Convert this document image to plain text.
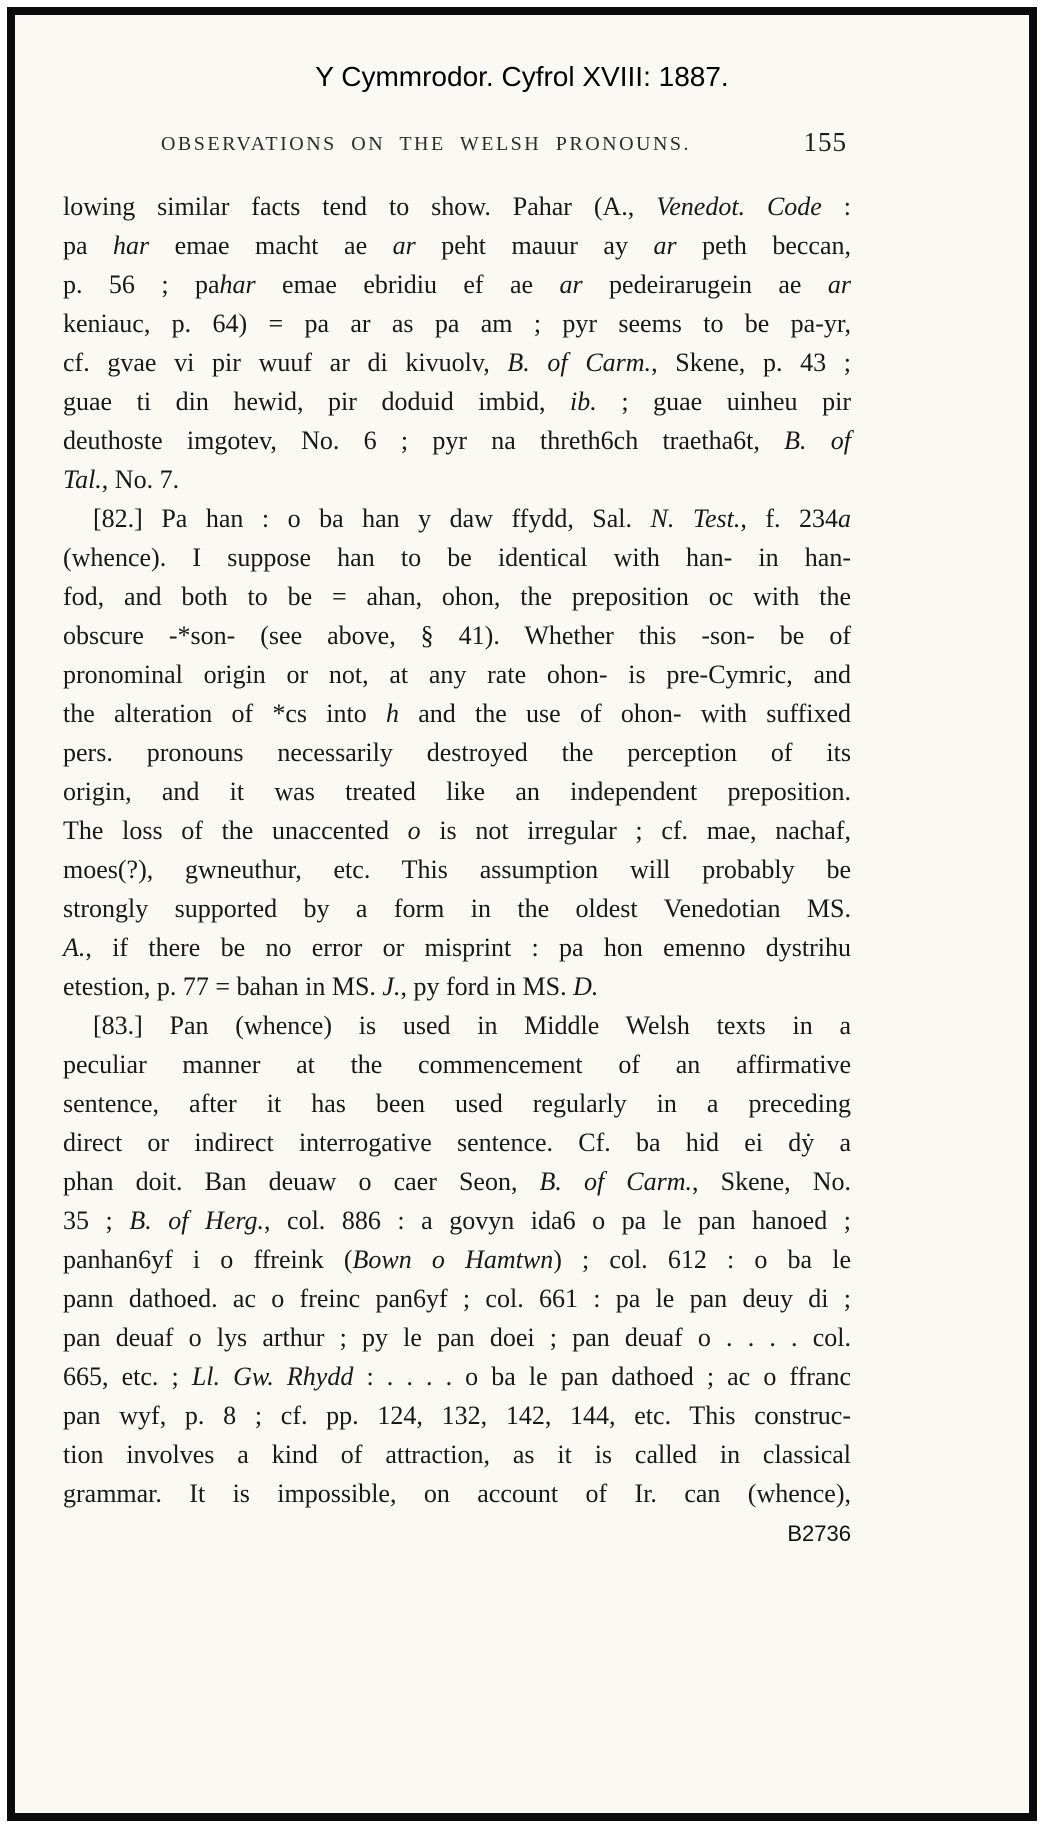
Y Cymmrodor. Cyfrol XVIII: 1887.
OBSERVATIONS ON THE WELSH PRONOUNS.	155
lowing similar facts tend to show. Pahar (A., Venedot. Code :
pa har emae macht ae ar peht mauur ay ar peth beccan,
p. 56 ; pahar emae ebridiu ef ae ar pedeirarugein ae ar
keniauc, p. 64) = pa ar as pa am ; pyr seems to be pa-yr,
cf. gvae vi pir wuuf ar di kivuolv, B. of Carm., Skene, p. 43 ;
guae ti din hewid, pir doduid imbid, ib. ; guae uinheu pir
deuthoste imgotev, No. 6 ; pyr na threth6ch traetha6t, B. of
Tal., No. 7.
[82.] Pa han : o ba han y daw ffydd, Sal. N. Test., f. 234a
(whence). I suppose han to be identical with han- in han-
fod, and both to be = ahan, ohon, the preposition oc with the
obscure -*son- (see above, § 41). Whether this -son- be of
pronominal origin or not, at any rate ohon- is pre-Cymric, and
the alteration of *cs into h and the use of ohon- with suffixed
pers. pronouns necessarily destroyed the perception of its
origin, and it was treated like an independent preposition.
The loss of the unaccented o is not irregular ; cf. mae, nachaf,
moes(?), gwneuthur, etc. This assumption will probably be
strongly supported by a form in the oldest Venedotian MS.
A., if there be no error or misprint : pa hon emenno dystrihu
etestion, p. 77 = bahan in MS. J., py ford in MS. D.
[83.] Pan (whence) is used in Middle Welsh texts in a
peculiar manner at the commencement of an affirmative
sentence, after it has been used regularly in a preceding
direct or indirect interrogative sentence. Cf. ba hid ei dẏ a
phan doit. Ban deuaw o caer Seon, B. of Carm., Skene, No.
35 ; B. of Herg., col. 886 : a govyn ida6 o pa le pan hanoed ;
panhan6yf i o ffreink (Bown o Hamtwn) ; col. 612 : o ba le
pann dathoed. ac o freinc pan6yf ; col. 661 : pa le pan deuy di ;
pan deuaf o lys arthur ; py le pan doei ; pan deuaf o . . . . col.
665, etc. ; Ll. Gw. Rhydd : . . . . o ba le pan dathoed ; ac o ffranc
pan wyf, p. 8 ; cf. pp. 124, 132, 142, 144, etc. This construc-
tion involves a kind of attraction, as it is called in classical
grammar. It is impossible, on account of Ir. can (whence),
B2736
